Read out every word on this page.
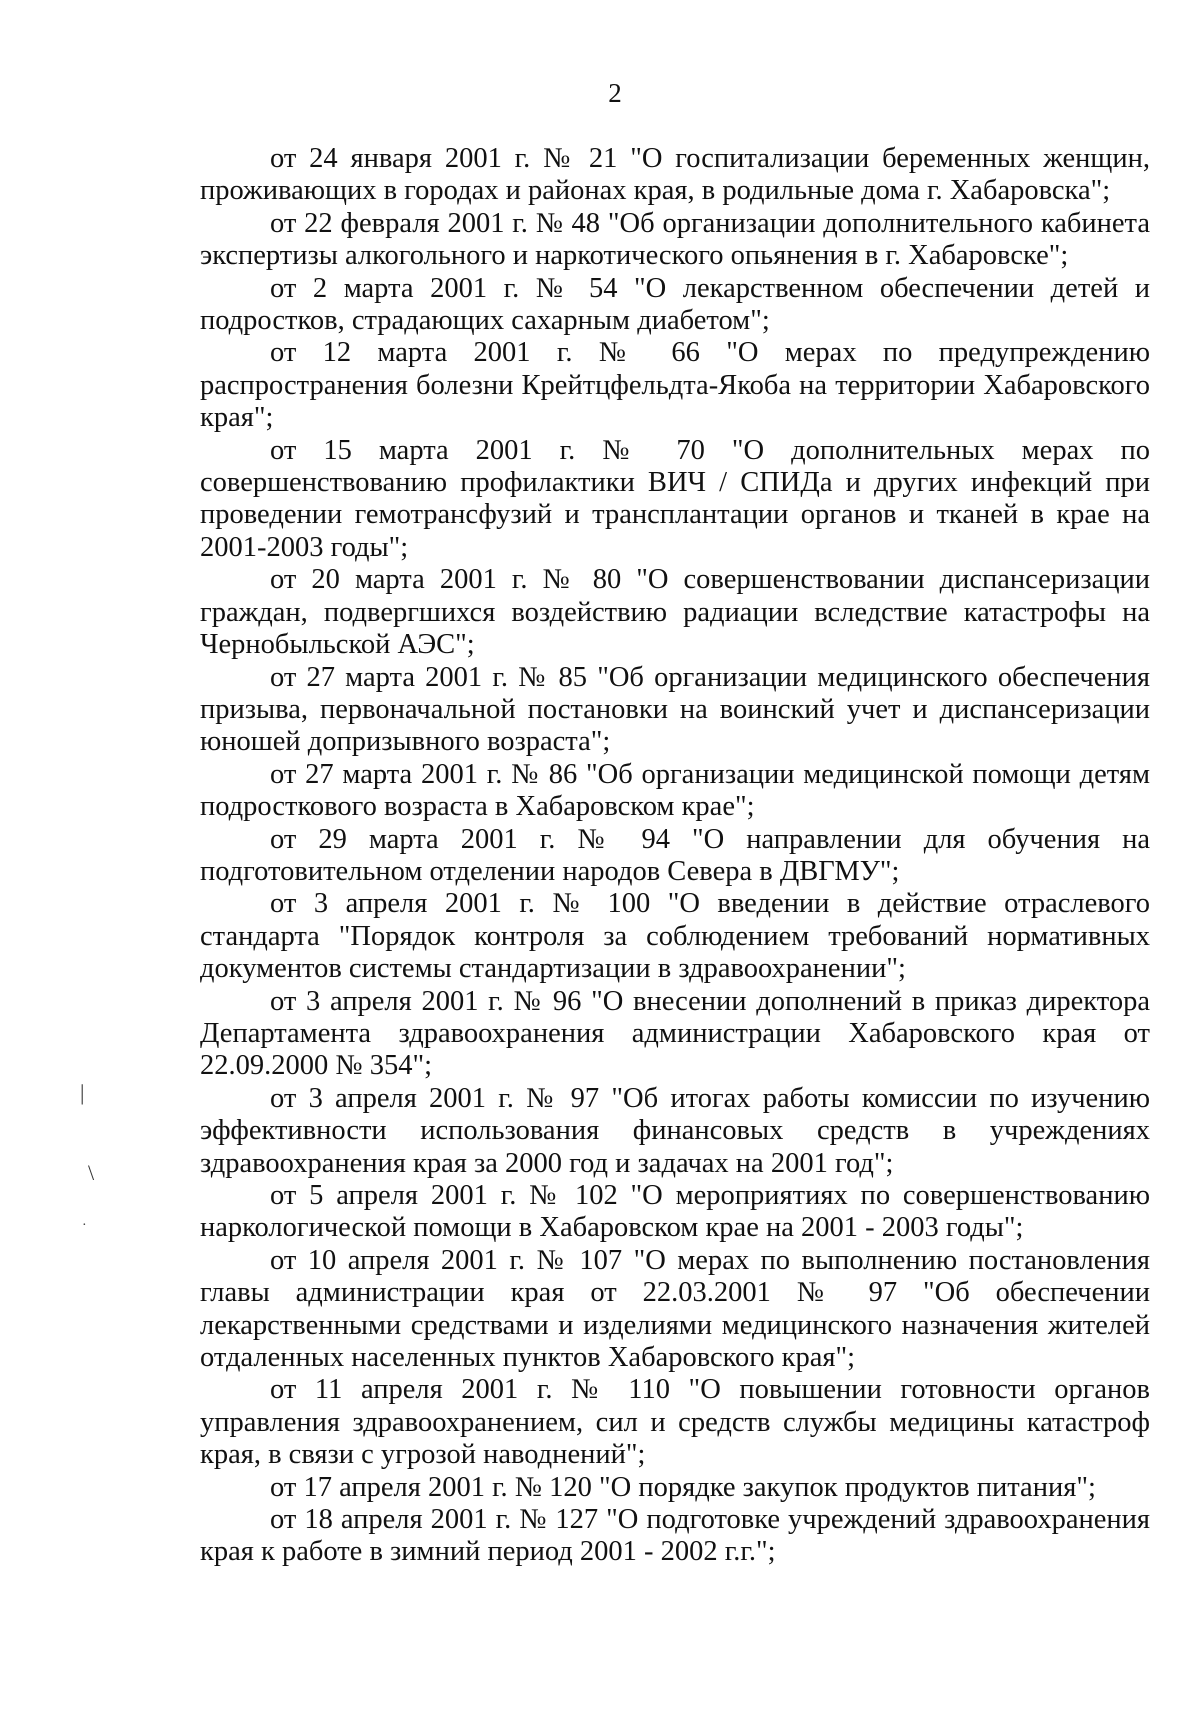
2

от 24 января 2001 г. № 21 "О госпитализации беременных женщин, проживающих в городах и районах края, в родильные дома г. Хабаровска";

от 22 февраля 2001 г. № 48 "Об организации дополнительного кабинета экспертизы алкогольного и наркотического опьянения в г. Хабаровске";

от 2 марта 2001 г. № 54 "О лекарственном обеспечении детей и подростков, страдающих сахарным диабетом";

от 12 марта 2001 г. № 66 "О мерах по предупреждению распространения болезни Крейтцфельдта-Якоба на территории Хабаровского края";

от 15 марта 2001 г. № 70 "О дополнительных мерах по совершенствованию профилактики ВИЧ / СПИДа и других инфекций при проведении гемотрансфузий и трансплантации органов и тканей в крае на 2001-2003 годы";

от 20 марта 2001 г. № 80 "О совершенствовании диспансеризации граждан, подвергшихся воздействию радиации вследствие катастрофы на Чернобыльской АЭС";

от 27 марта 2001 г. № 85 "Об организации медицинского обеспечения призыва, первоначальной постановки на воинский учет и диспансеризации юношей допризывного возраста";

от 27 марта 2001 г. № 86 "Об организации медицинской помощи детям подросткового возраста в Хабаровском крае";

от 29 марта 2001 г. № 94 "О направлении для обучения на подготовительном отделении народов Севера в ДВГМУ";

от 3 апреля 2001 г. № 100 "О введении в действие отраслевого стандарта "Порядок контроля за соблюдением требований нормативных документов системы стандартизации в здравоохранении";

от 3 апреля 2001 г. № 96 "О внесении дополнений в приказ директора Департамента здравоохранения администрации Хабаровского края от 22.09.2000 № 354";

от 3 апреля 2001 г. № 97 "Об итогах работы комиссии по изучению эффективности использования финансовых средств в учреждениях здравоохранения края за 2000 год и задачах на 2001 год";

от 5 апреля 2001 г. № 102 "О мероприятиях по совершенствованию наркологической помощи в Хабаровском крае на 2001 - 2003 годы";

от 10 апреля 2001 г. № 107 "О мерах по выполнению постановления главы администрации края от 22.03.2001 № 97 "Об обеспечении лекарственными средствами и изделиями медицинского назначения жителей отдаленных населенных пунктов Хабаровского края";

от 11 апреля 2001 г. № 110 "О повышении готовности органов управления здравоохранением, сил и средств службы медицины катастроф края, в связи с угрозой наводнений";

от 17 апреля 2001 г. № 120 "О порядке закупок продуктов питания";

от 18 апреля 2001 г. № 127 "О подготовке учреждений здравоохранения края к работе в зимний период 2001 - 2002 г.г.";

|
\
·
